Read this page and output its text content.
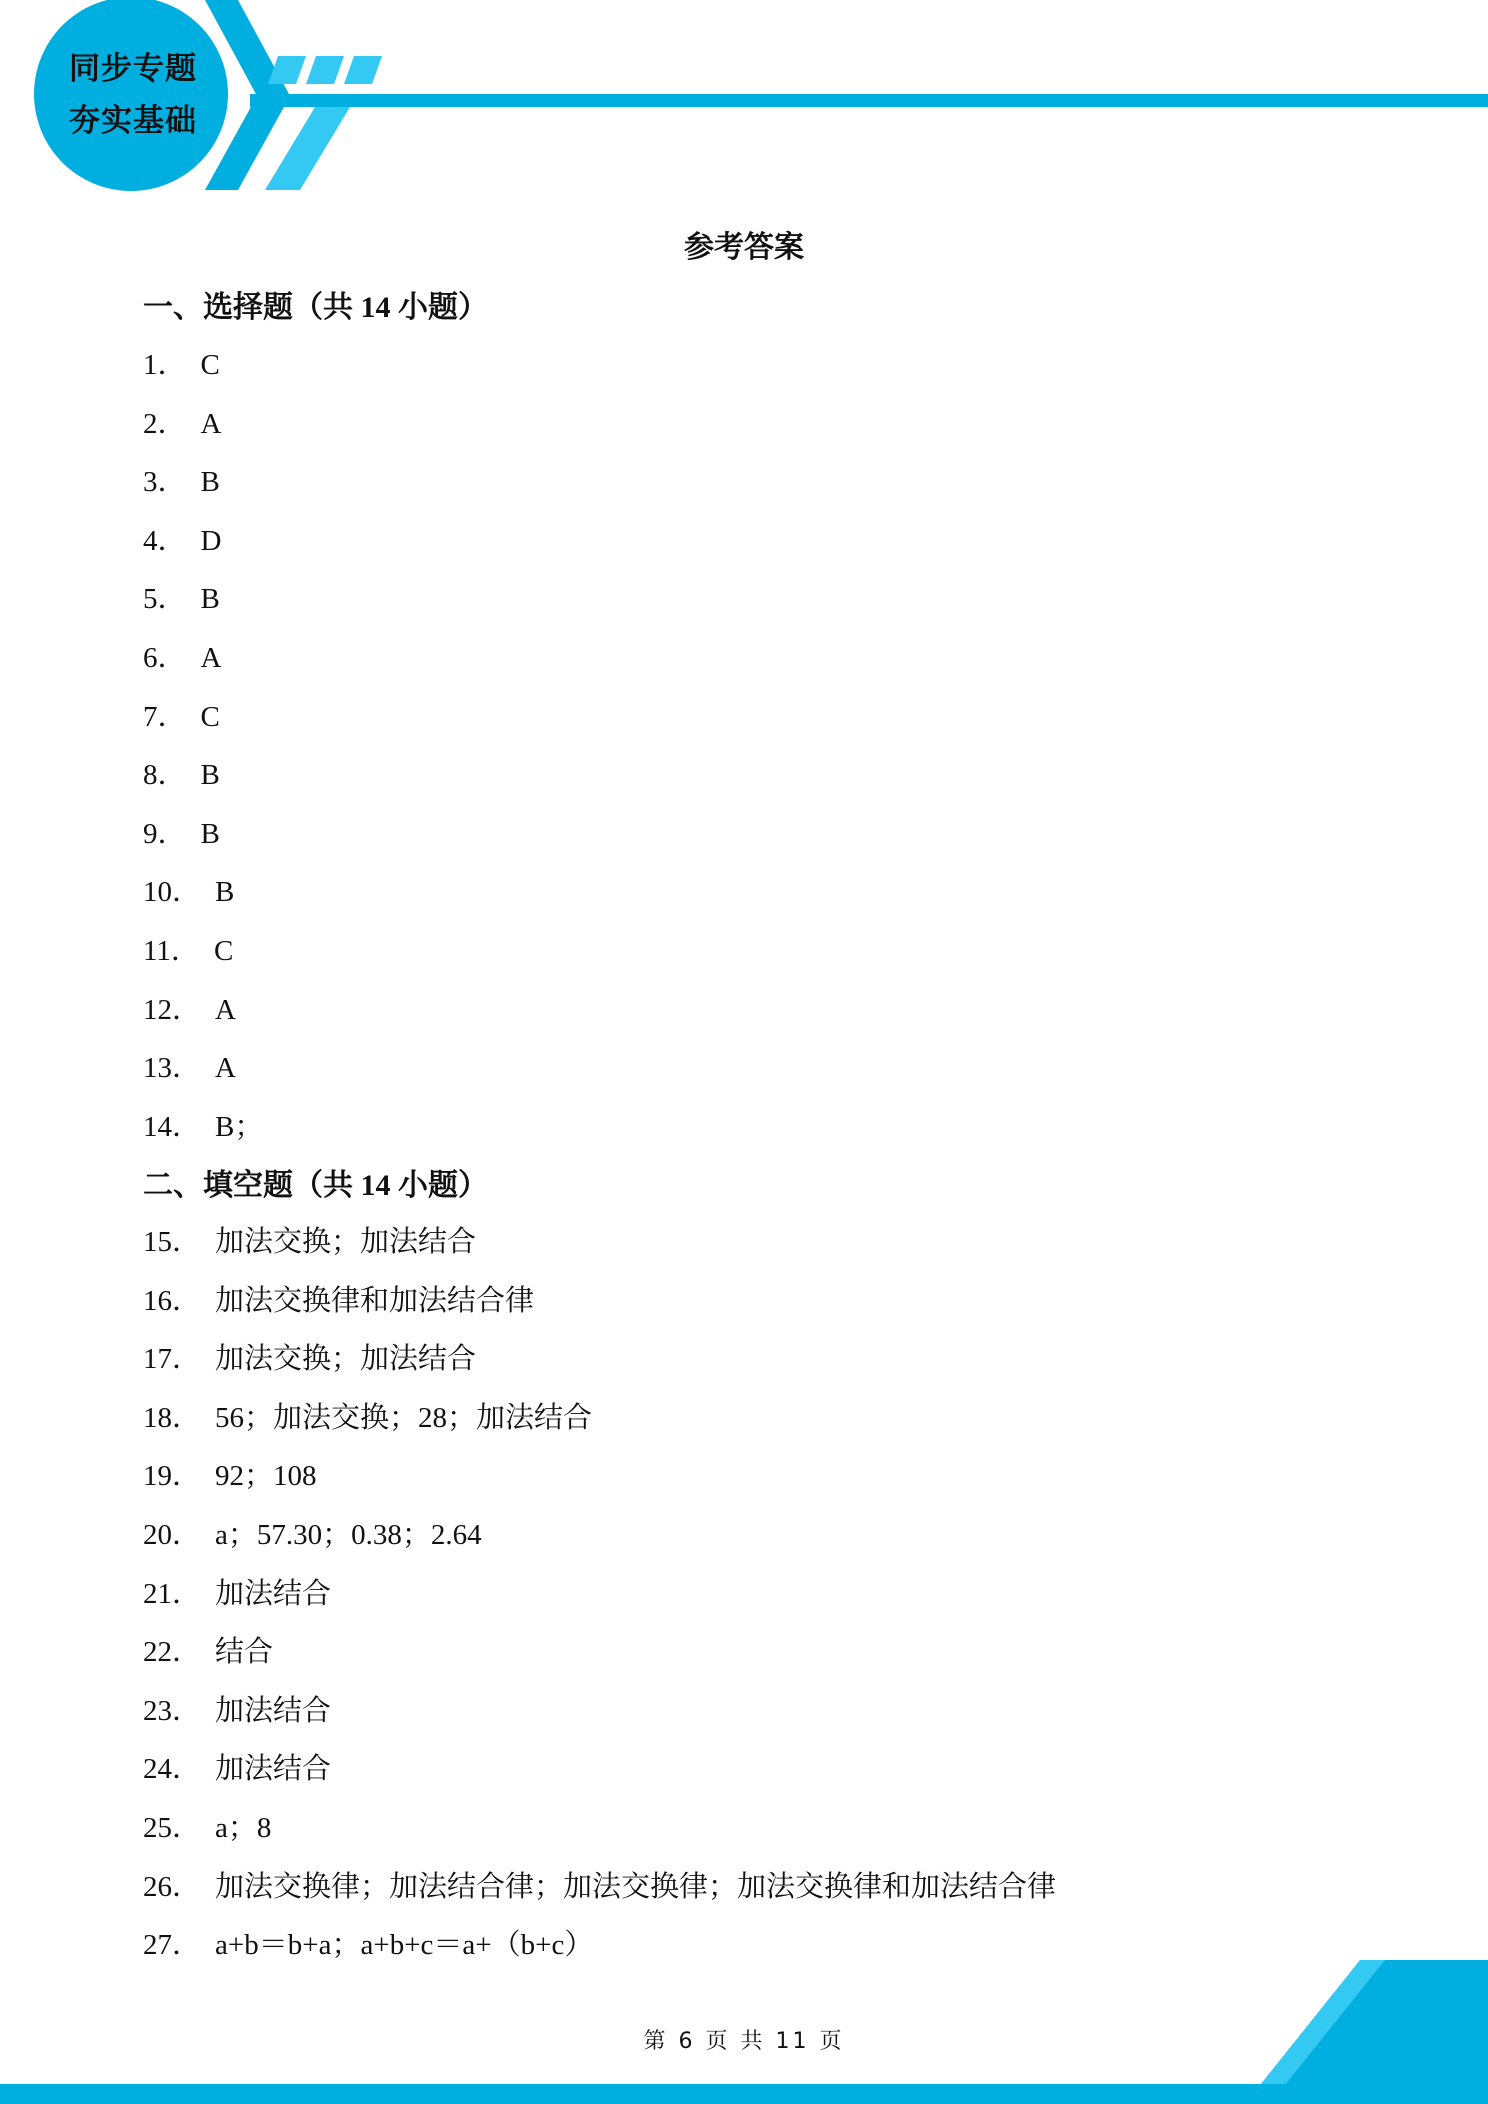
同步专题
夯实基础
参考答案
一、选择题（共 14 小题）
1． C
2． A
3． B
4． D
5． B
6． A
7． C
8． B
9． B
10． B
11． C
12． A
13． A
14． B；
二、填空题（共 14 小题）
15． 加法交换；加法结合
16． 加法交换律和加法结合律
17． 加法交换；加法结合
18． 56；加法交换；28；加法结合
19． 92；108
20． a；57.30；0.38；2.64
21． 加法结合
22． 结合
23． 加法结合
24． 加法结合
25． a；8
26． 加法交换律；加法结合律；加法交换律；加法交换律和加法结合律
27． a+b＝b+a；a+b+c＝a+（b+c）
第 6 页 共 11 页
